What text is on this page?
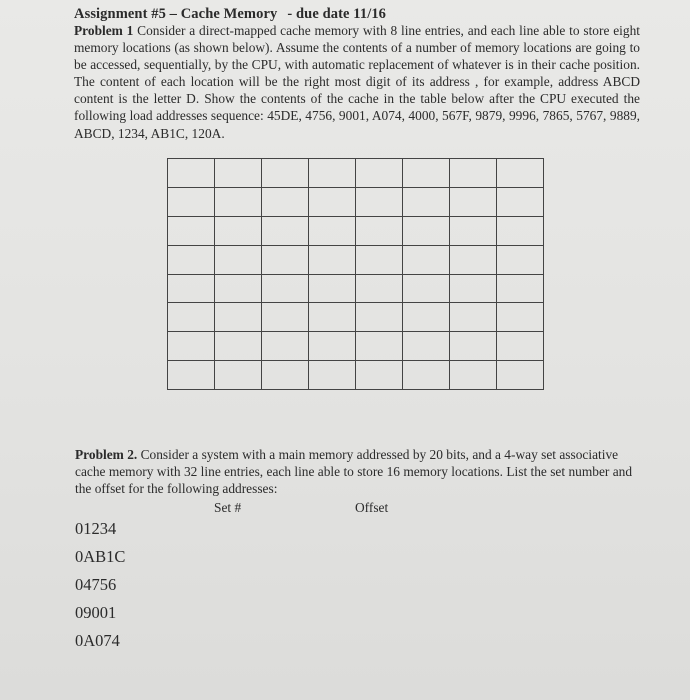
Assignment #5 – Cache Memory - due date 11/16
Problem 1 Consider a direct-mapped cache memory with 8 line entries, and each line able to store eight memory locations (as shown below). Assume the contents of a number of memory locations are going to be accessed, sequentially, by the CPU, with automatic replacement of whatever is in their cache position. The content of each location will be the right most digit of its address , for example, address ABCD content is the letter D. Show the contents of the cache in the table below after the CPU executed the following load addresses sequence: 45DE, 4756, 9001, A074, 4000, 567F, 9879, 9996, 7865, 5767, 9889, ABCD, 1234, AB1C, 120A.

Problem 2. Consider a system with a main memory addressed by 20 bits, and a 4-way set associative cache memory with 32 line entries, each line able to store 16 memory locations. List the set number and the offset for the following addresses:
Set #	Offset
01234
0AB1C
04756
09001
0A074
